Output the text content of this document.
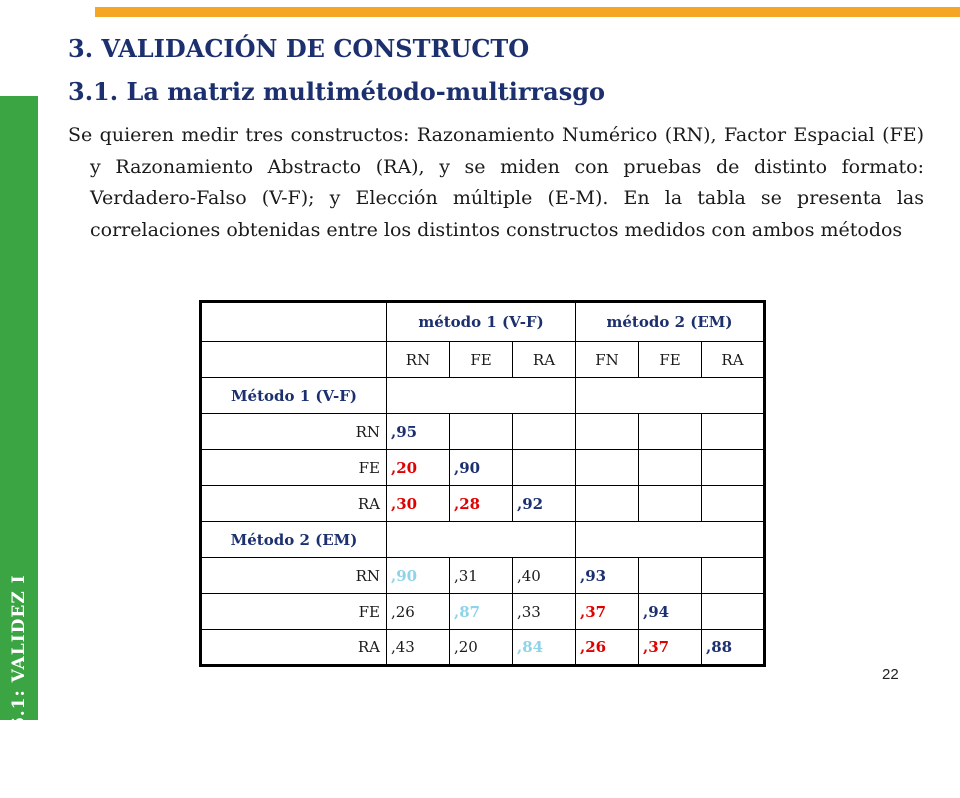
TEMA 6.1: VALIDEZ I
3. VALIDACIÓN DE CONSTRUCTO
3.1. La matriz multimétodo-multirrasgo

Se quieren medir tres constructos: Razonamiento Numérico (RN), Factor Espacial (FE) y Razonamiento Abstracto (RA), y se miden con pruebas de distinto formato: Verdadero-Falso (V-F); y Elección múltiple (E-M). En la tabla se presenta las correlaciones obtenidas entre los distintos constructos medidos con ambos métodos

	método 1 (V-F)			método 2 (EM)		
	RN	FE	RA	FN	FE	RA
Método 1 (V-F)						
RN	,95					
FE	,20	,90				
RA	,30	,28	,92			
Método 2 (EM)						
RN	,90	,31	,40	,93		
FE	,26	,87	,33	,37	,94	
RA	,43	,20	,84	,26	,37	,88
22
